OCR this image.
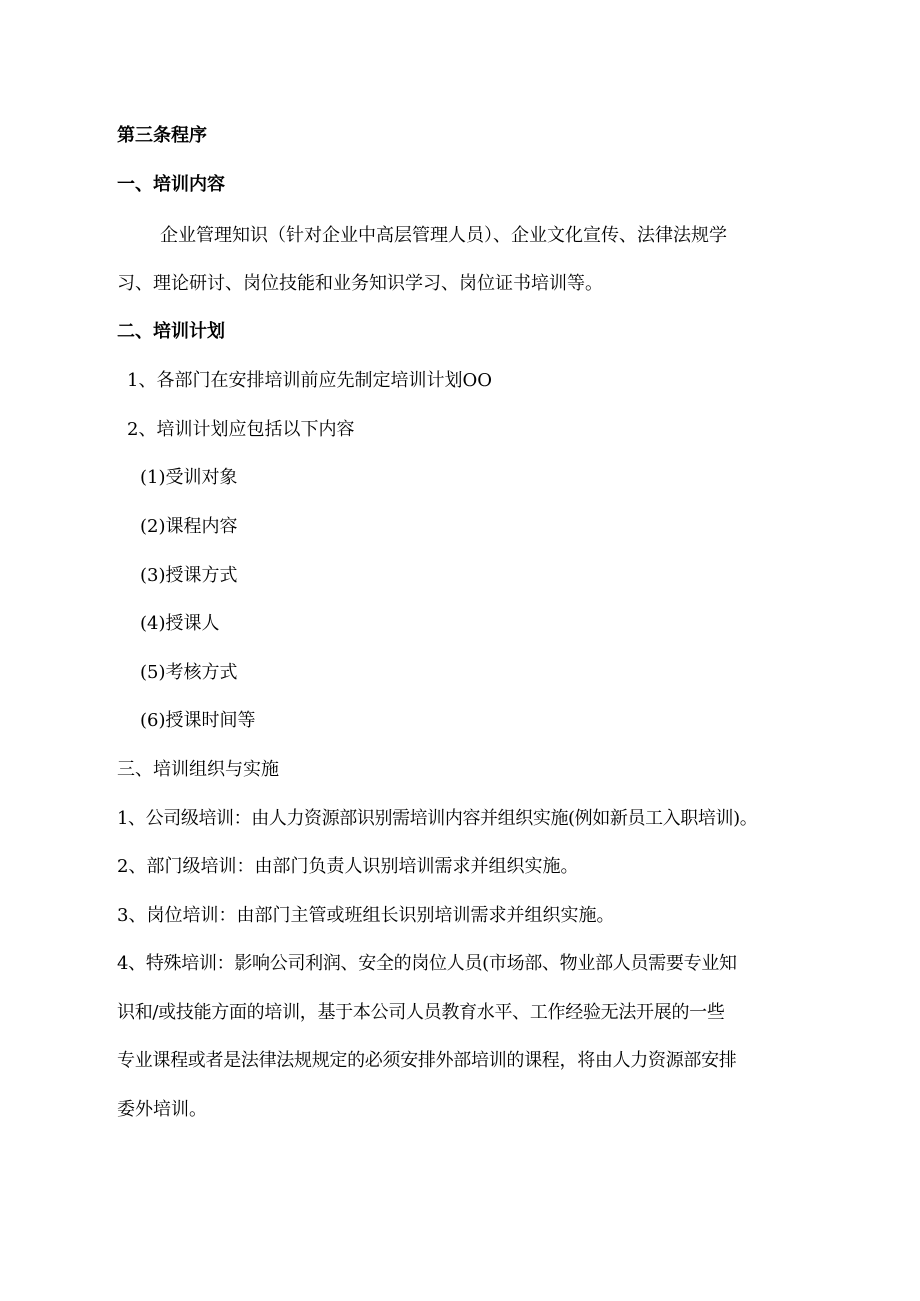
第三条程序
一、培训内容
企业管理知识（针对企业中高层管理人员）、企业文化宣传、法律法规学
习、理论研讨、岗位技能和业务知识学习、岗位证书培训等。
二、培训计划
1、各部门在安排培训前应先制定培训计划OO
2、培训计划应包括以下内容
(1)受训对象
(2)课程内容
(3)授课方式
(4)授课人
(5)考核方式
(6)授课时间等
三、培训组织与实施
1、公司级培训：由人力资源部识别需培训内容并组织实施(例如新员工入职培训)。
2、部门级培训：由部门负责人识别培训需求并组织实施。
3、岗位培训：由部门主管或班组长识别培训需求并组织实施。
4、特殊培训：影响公司利润、安全的岗位人员(市场部、物业部人员需要专业知
识和/或技能方面的培训，基于本公司人员教育水平、工作经验无法开展的一些
专业课程或者是法律法规规定的必须安排外部培训的课程，将由人力资源部安排
委外培训。
